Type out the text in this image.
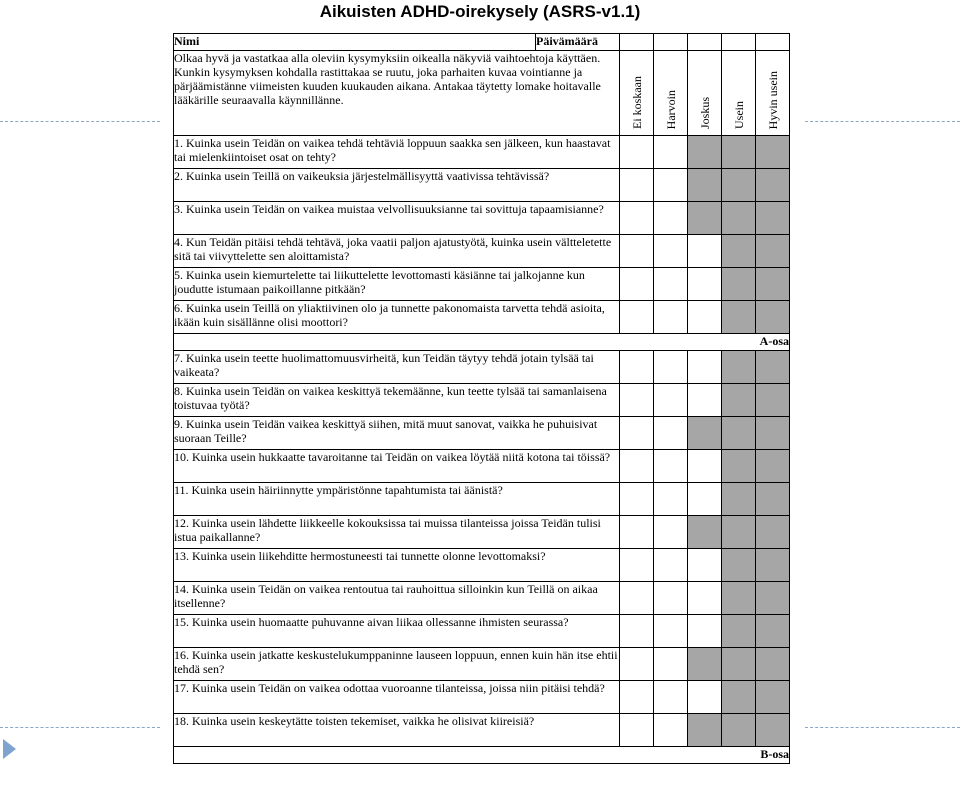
Aikuisten ADHD-oirekysely (ASRS-v1.1)
Nimi	Päivämäärä					
Olkaa hyvä ja vastatkaa alla oleviin kysymyksiin oikealla näkyviä vaihtoehtoja käyttäen. Kunkin kysymyksen kohdalla rastittakaa se ruutu, joka parhaiten kuvaa vointianne ja pärjäämistänne viimeisten kuuden kuukauden aikana. Antakaa täytetty lomake hoitavalle lääkärille seuraavalla käynnillänne.		Ei koskaan	Harvoin	Joskus	Usein	Hyvin usein

1. Kuinka usein Teidän on vaikea tehdä tehtäviä loppuun saakka sen jälkeen, kun haastavat tai mielenkiintoiset osat on tehty?						
2. Kuinka usein Teillä on vaikeuksia järjestelmällisyyttä vaativissa tehtävissä?						
3. Kuinka usein Teidän on vaikea muistaa velvollisuuksianne tai sovittuja tapaamisianne?						
4. Kun Teidän pitäisi tehdä tehtävä, joka vaatii paljon ajatustyötä, kuinka usein vältteletette sitä tai viivyttelette sen aloittamista?						
5. Kuinka usein kiemurtelette tai liikuttelette levottomasti käsiänne tai jalkojanne kun joudutte istumaan paikoillanne pitkään?						
6. Kuinka usein Teillä on yliaktiivinen olo ja tunnette pakonomaista tarvetta tehdä asioita, ikään kuin sisällänne olisi moottori?						
A-osa						
7. Kuinka usein teette huolimattomuusvirheitä, kun Teidän täytyy tehdä jotain tylsää tai vaikeata?						
8. Kuinka usein Teidän on vaikea keskittyä tekemäänne, kun teette tylsää tai samanlaisena toistuvaa työtä?						
9. Kuinka usein Teidän vaikea keskittyä siihen, mitä muut sanovat, vaikka he puhuisivat suoraan Teille?						
10. Kuinka usein hukkaatte tavaroitanne tai Teidän on vaikea löytää niitä kotona tai töissä?						
11. Kuinka usein häiriinnytte ympäristönne tapahtumista tai äänistä?						
12. Kuinka usein lähdette liikkeelle kokouksissa tai muissa tilanteissa joissa Teidän tulisi istua paikallanne?						
13. Kuinka usein liikehditte hermostuneesti tai tunnette olonne levottomaksi?						
14. Kuinka usein Teidän on vaikea rentoutua tai rauhoittua silloinkin kun Teillä on aikaa itsellenne?						
15. Kuinka usein huomaatte puhuvanne aivan liikaa ollessanne ihmisten seurassa?						
16. Kuinka usein jatkatte keskustelukumppaninne lauseen loppuun, ennen kuin hän itse ehtii tehdä sen?						
17. Kuinka usein Teidän on vaikea odottaa vuoroanne tilanteissa, joissa niin pitäisi tehdä?						
18. Kuinka usein keskeytätte toisten tekemiset, vaikka he olisivat kiireisiä?						
B-osa						
